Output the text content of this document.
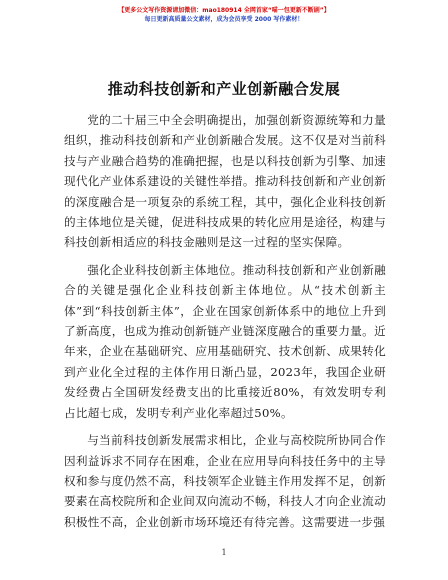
【更多公文写作资源请加微信：mao180914 全网首家“喵一包更新不断剧”】
每日更新高质量公文素材，成为会员享受 2000 写作素材！
推动科技创新和产业创新融合发展

党的二十届三中全会明确提出，加强创新资源统筹和力量组织，推动科技创新和产业创新融合发展。这不仅是对当前科技与产业融合趋势的准确把握，也是以科技创新为引擎、加速现代化产业体系建设的关键性举措。推动科技创新和产业创新的深度融合是一项复杂的系统工程，其中，强化企业科技创新的主体地位是关键，促进科技成果的转化应用是途径，构建与科技创新相适应的科技金融则是这一过程的坚实保障。

强化企业科技创新主体地位。推动科技创新和产业创新融合的关键是强化企业科技创新主体地位。从“技术创新主体”到“科技创新主体”，企业在国家创新体系中的地位上升到了新高度，也成为推动创新链产业链深度融合的重要力量。近年来，企业在基础研究、应用基础研究、技术创新、成果转化到产业化全过程的主体作用日渐凸显，2023年，我国企业研发经费占全国研发经费支出的比重接近80%，有效发明专利占比超七成，发明专利产业化率超过50%。

与当前科技创新发展需求相比，企业与高校院所协同合作因利益诉求不同存在困难，企业在应用导向科技任务中的主导权和参与度仍然不高，科技领军企业链主作用发挥不足，创新要素在高校院所和企业间双向流动不畅，科技人才向企业流动积极性不高，企业创新市场环境还有待完善。这需要进一步强

1
